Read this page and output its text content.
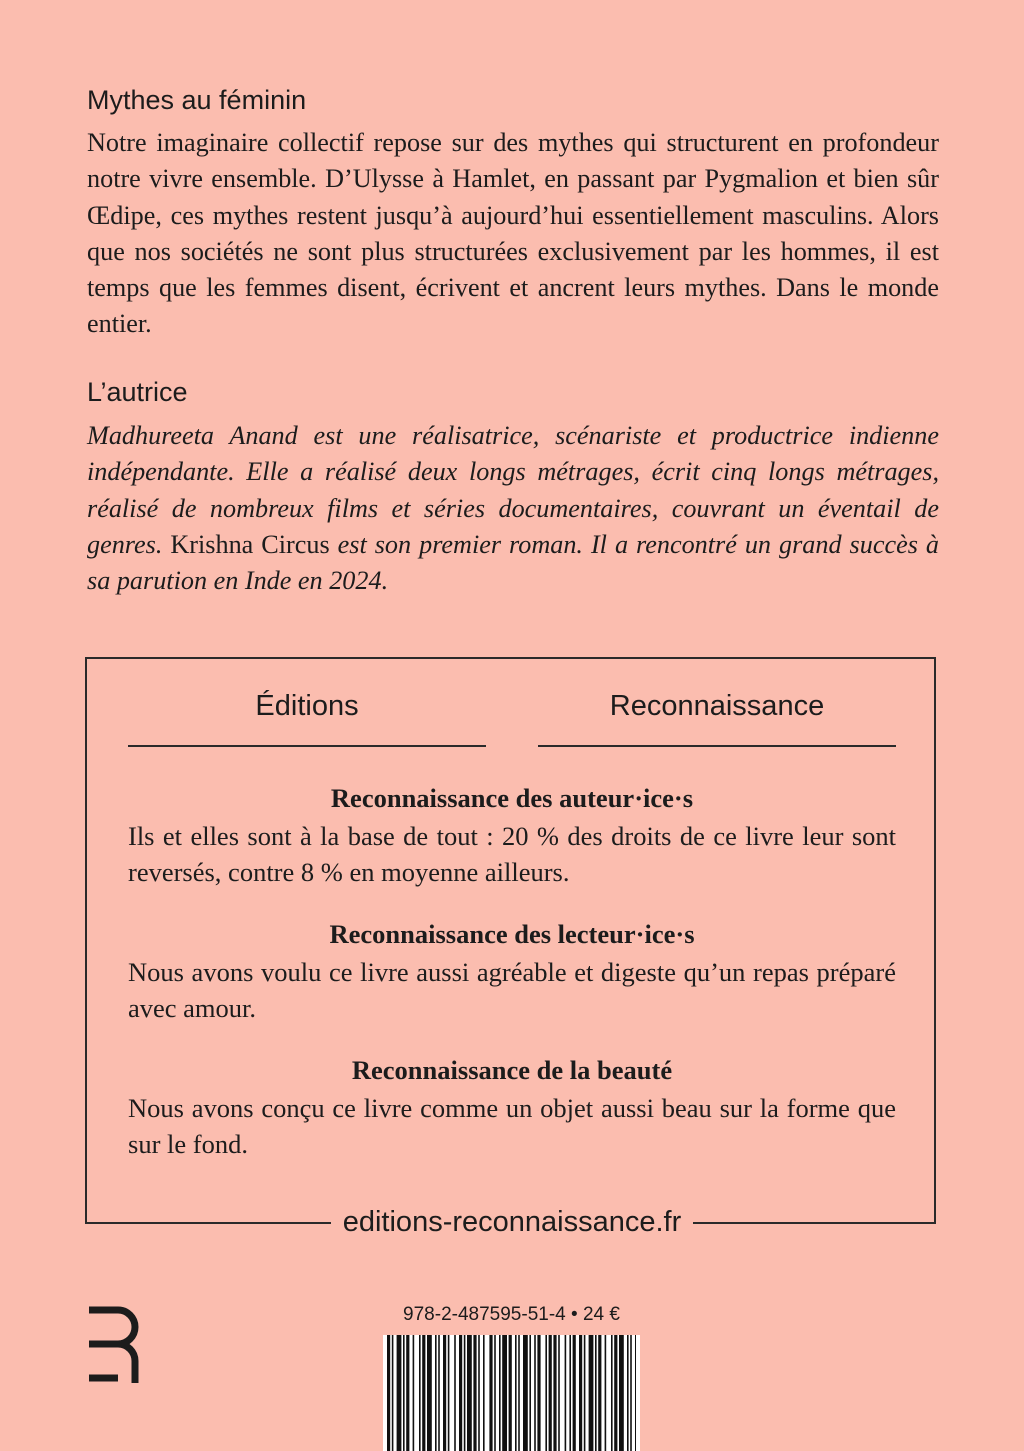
Mythes au féminin

Notre imaginaire collectif repose sur des mythes qui structurent en profondeur notre vivre ensemble. D’Ulysse à Hamlet, en passant par Pygmalion et bien sûr Œdipe, ces mythes restent jusqu’à aujourd’hui essentiellement masculins. Alors que nos sociétés ne sont plus structurées exclusivement par les hommes, il est temps que les femmes disent, écrivent et ancrent leurs mythes. Dans le monde entier.

L’autrice

Madhureeta Anand est une réalisatrice, scénariste et productrice indienne indépendante. Elle a réalisé deux longs métrages, écrit cinq longs métrages, réalisé de nombreux films et séries documentaires, couvrant un éventail de genres. Krishna Circus est son premier roman. Il a rencontré un grand succès à sa parution en Inde en 2024.

Éditions	Reconnaissance
Reconnaissance des auteur·ice·s

Ils et elles sont à la base de tout : 20 % des droits de ce livre leur sont reversés, contre 8 % en moyenne ailleurs.

Reconnaissance des lecteur·ice·s

Nous avons voulu ce livre aussi agréable et digeste qu’un repas préparé avec amour.

Reconnaissance de la beauté

Nous avons conçu ce livre comme un objet aussi beau sur la forme que sur le fond.

editions-reconnaissance.fr
978-2-487595-51-4 • 24 €
